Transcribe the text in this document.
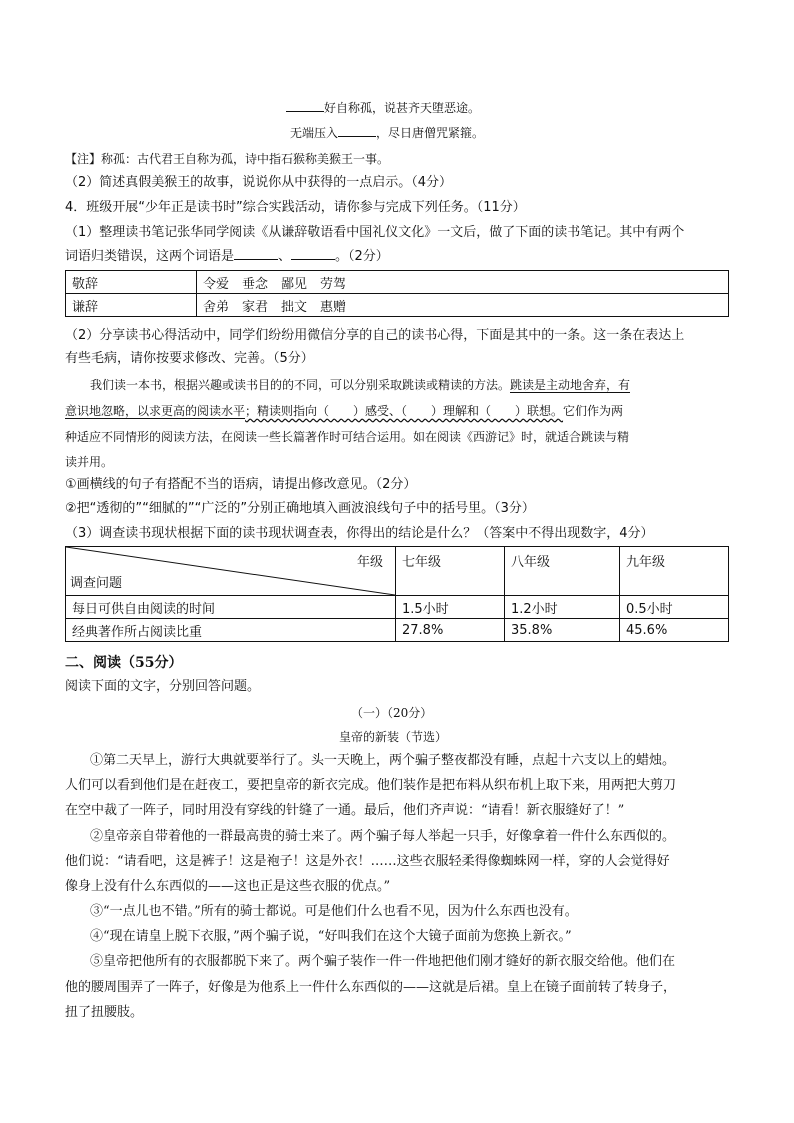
好自称孤，说甚齐天堕恶途。
无端压入	，尽日唐僧咒紧箍。
【注】称孤：古代君王自称为孤，诗中指石猴称美猴王一事。
（2）简述真假美猴王的故事，说说你从中获得的一点启示。（4分）
4．班级开展“少年正是读书时”综合实践活动，请你参与完成下列任务。（11分）
（1）整理读书笔记张华同学阅读《从谦辞敬语看中国礼仪文化》一文后，做了下面的读书笔记。其中有两个
词语归类错误，这两个词语是	、	。（2分）
敬辞	令爱　垂念　鄙见　劳驾
谦辞	舍弟　家君　拙文　惠赠
（2）分享读书心得活动中，同学们纷纷用微信分享的自己的读书心得，下面是其中的一条。这一条在表达上
有些毛病，请你按要求修改、完善。（5分）
我们读一本书，根据兴趣或读书目的的不同，可以分别采取跳读或精读的方法。跳读是主动地舍弃，有
意识地忽略，以求更高的阅读水平；精读则指向（　　）感受、（　　）理解和（　　）联想。它们作为两
种适应不同情形的阅读方法，在阅读一些长篇著作时可结合运用。如在阅读《西游记》时，就适合跳读与精
读并用。
①画横线的句子有搭配不当的语病，请提出修改意见。（2分）
②把“透彻的”“细腻的”“广泛的”分别正确地填入画波浪线句子中的括号里。（3分）
（3）调查读书现状根据下面的读书现状调查表，你得出的结论是什么？（答案中不得出现数字，4分）
年级
调查问题	七年级	八年级	九年级
每日可供自由阅读的时间	1.5小时	1.2小时	0.5小时
经典著作所占阅读比重	27.8%	35.8%	45.6%
二、阅读（55分）
阅读下面的文字，分别回答问题。
（一）（20分）
皇帝的新装（节选）
①第二天早上，游行大典就要举行了。头一天晚上，两个骗子整夜都没有睡，点起十六支以上的蜡烛。
人们可以看到他们是在赶夜工，要把皇帝的新衣完成。他们装作是把布料从织布机上取下来，用两把大剪刀
在空中裁了一阵子，同时用没有穿线的针缝了一通。最后，他们齐声说：“请看！新衣服缝好了！”
②皇帝亲自带着他的一群最高贵的骑士来了。两个骗子每人举起一只手，好像拿着一件什么东西似的。
他们说：“请看吧，这是裤子！这是袍子！这是外衣！……这些衣服轻柔得像蜘蛛网一样，穿的人会觉得好
像身上没有什么东西似的——这也正是这些衣服的优点。”
③“一点儿也不错。”所有的骑士都说。可是他们什么也看不见，因为什么东西也没有。
④“现在请皇上脱下衣服，”两个骗子说，“好叫我们在这个大镜子面前为您换上新衣。”
⑤皇帝把他所有的衣服都脱下来了。两个骗子装作一件一件地把他们刚才缝好的新衣服交给他。他们在
他的腰周围弄了一阵子，好像是为他系上一件什么东西似的——这就是后裙。皇上在镜子面前转了转身子，
扭了扭腰肢。
